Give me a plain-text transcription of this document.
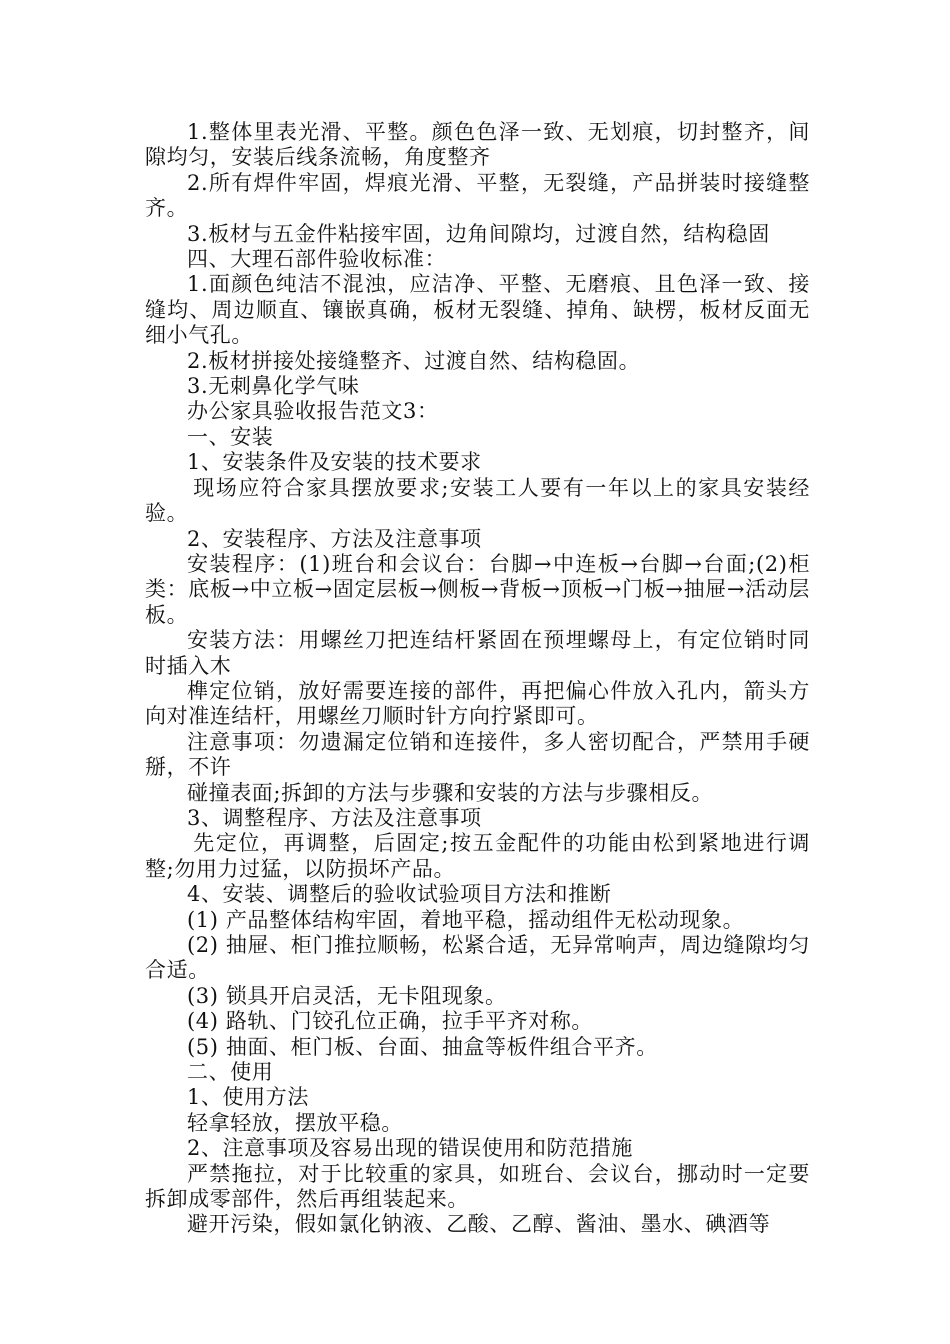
1.整体里表光滑、平整。颜色色泽一致、无划痕，切封整齐，间隙均匀，安装后线条流畅，角度整齐

2.所有焊件牢固，焊痕光滑、平整，无裂缝，产品拼装时接缝整齐。

3.板材与五金件粘接牢固，边角间隙均，过渡自然，结构稳固

四、大理石部件验收标准：

1.面颜色纯洁不混浊，应洁净、平整、无磨痕、且色泽一致、接缝均、周边顺直、镶嵌真确，板材无裂缝、掉角、缺楞，板材反面无细小气孔。

2.板材拼接处接缝整齐、过渡自然、结构稳固。

3.无刺鼻化学气味

办公家具验收报告范文3：

一、安装

1、安装条件及安装的技术要求

现场应符合家具摆放要求;安装工人要有一年以上的家具安装经验。

2、安装程序、方法及注意事项

安装程序：(1)班台和会议台：台脚→中连板→台脚→台面;(2)柜类：底板→中立板→固定层板→侧板→背板→顶板→门板→抽屉→活动层板。

安装方法：用螺丝刀把连结杆紧固在预埋螺母上，有定位销时同时插入木

榫定位销，放好需要连接的部件，再把偏心件放入孔内，箭头方向对准连结杆，用螺丝刀顺时针方向拧紧即可。

注意事项：勿遗漏定位销和连接件，多人密切配合，严禁用手硬掰，不许

碰撞表面;拆卸的方法与步骤和安装的方法与步骤相反。

3、调整程序、方法及注意事项

先定位，再调整，后固定;按五金配件的功能由松到紧地进行调整;勿用力过猛，以防损坏产品。

4、安装、调整后的验收试验项目方法和推断

(1) 产品整体结构牢固，着地平稳，摇动组件无松动现象。

(2) 抽屉、柜门推拉顺畅，松紧合适，无异常响声，周边缝隙均匀合适。

(3) 锁具开启灵活，无卡阻现象。

(4) 路轨、门铰孔位正确，拉手平齐对称。

(5) 抽面、柜门板、台面、抽盒等板件组合平齐。

二、使用

1、使用方法

轻拿轻放，摆放平稳。

2、注意事项及容易出现的错误使用和防范措施

严禁拖拉，对于比较重的家具，如班台、会议台，挪动时一定要拆卸成零部件，然后再组装起来。

避开污染，假如氯化钠液、乙酸、乙醇、酱油、墨水、碘酒等
